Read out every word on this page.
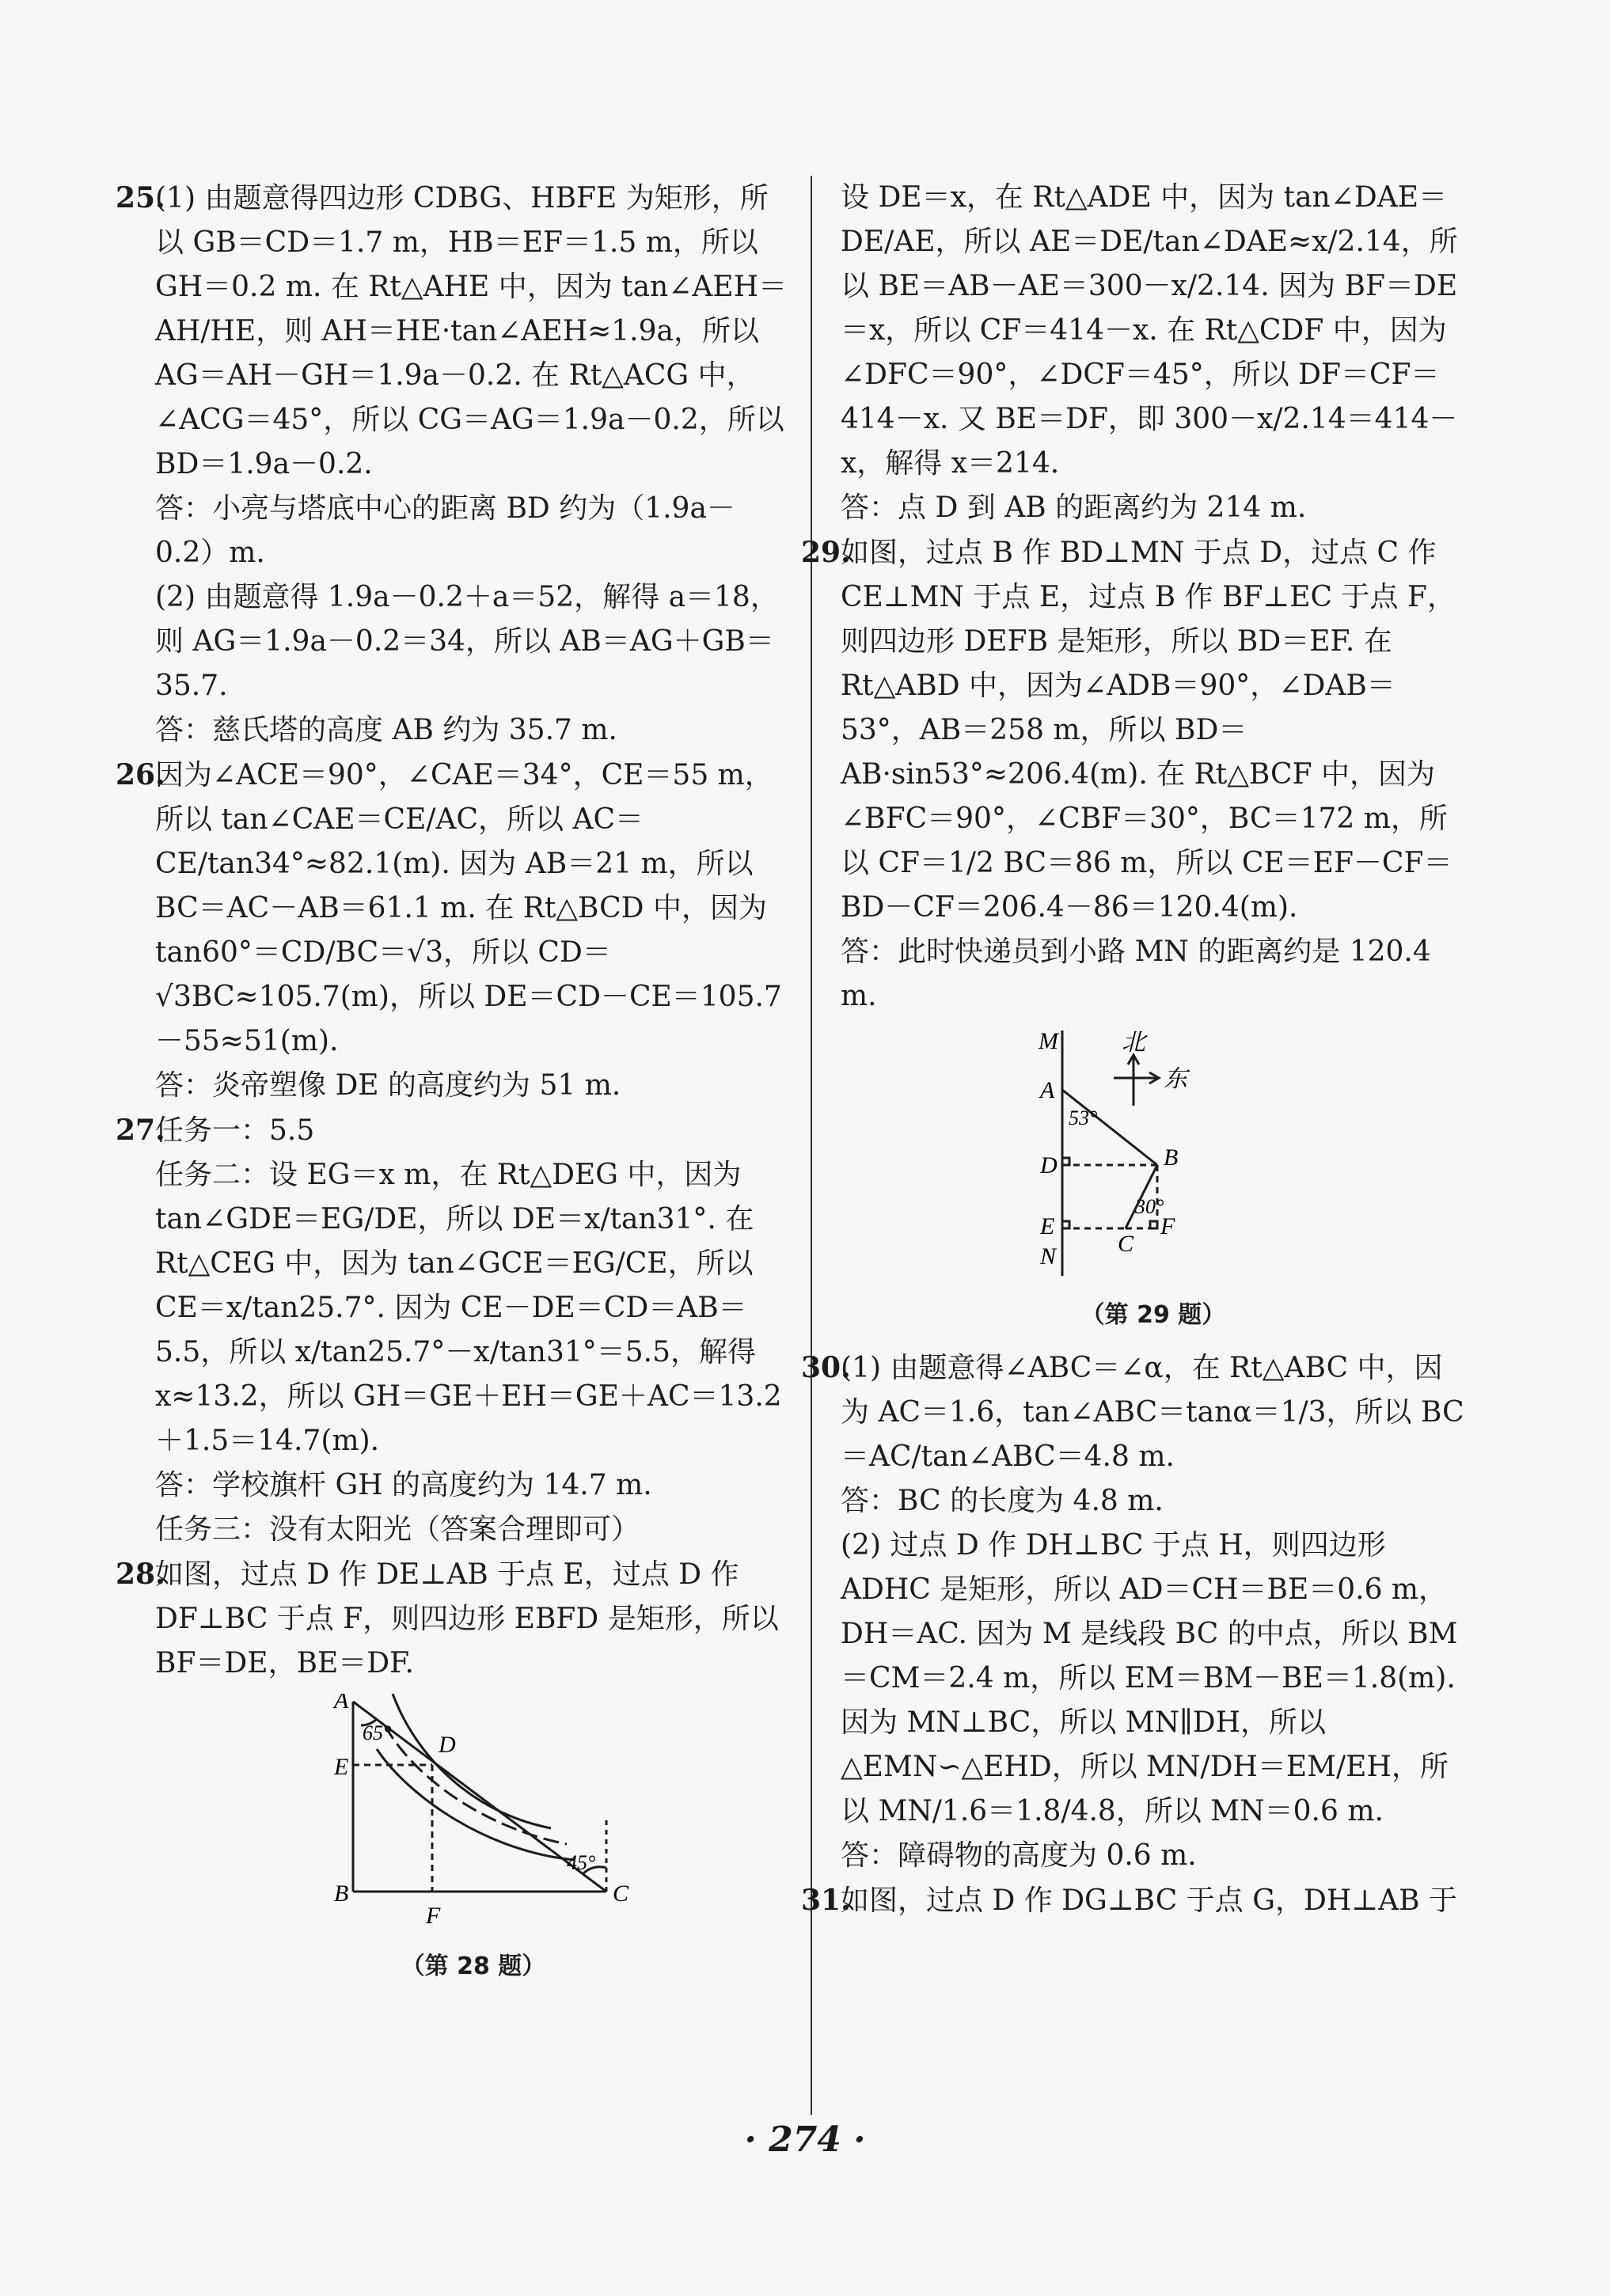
25.(1) 由题意得四边形 CDBG、HBFE 为矩形，所以 GB＝CD＝1.7 m，HB＝EF＝1.5 m，所以 GH＝0.2 m. 在 Rt△AHE 中，因为 tan∠AEH＝AH/HE，则 AH＝HE·tan∠AEH≈1.9a，所以 AG＝AH－GH＝1.9a－0.2. 在 Rt△ACG 中，∠ACG＝45°，所以 CG＝AG＝1.9a－0.2，所以 BD＝1.9a－0.2.
答：小亮与塔底中心的距离 BD 约为（1.9a－0.2）m.
(2) 由题意得 1.9a－0.2＋a＝52，解得 a＝18，则 AG＝1.9a－0.2＝34，所以 AB＝AG＋GB＝35.7.
答：慈氏塔的高度 AB 约为 35.7 m.
26.因为∠ACE＝90°，∠CAE＝34°，CE＝55 m，所以 tan∠CAE＝CE/AC，所以 AC＝CE/tan34°≈82.1(m). 因为 AB＝21 m，所以 BC＝AC－AB＝61.1 m. 在 Rt△BCD 中，因为 tan60°＝CD/BC＝√3，所以 CD＝√3BC≈105.7(m)，所以 DE＝CD－CE＝105.7－55≈51(m).
答：炎帝塑像 DE 的高度约为 51 m.
27.任务一：5.5
任务二：设 EG＝x m，在 Rt△DEG 中，因为 tan∠GDE＝EG/DE，所以 DE＝x/tan31°. 在 Rt△CEG 中，因为 tan∠GCE＝EG/CE，所以 CE＝x/tan25.7°. 因为 CE－DE＝CD＝AB＝5.5，所以 x/tan25.7°－x/tan31°＝5.5，解得 x≈13.2，所以 GH＝GE＋EH＝GE＋AC＝13.2＋1.5＝14.7(m).
答：学校旗杆 GH 的高度约为 14.7 m.
任务三：没有太阳光（答案合理即可）
28.如图，过点 D 作 DE⊥AB 于点 E，过点 D 作 DF⊥BC 于点 F，则四边形 EBFD 是矩形，所以 BF＝DE，BE＝DF.
A
65°
E
D
B
F
C
45°
（第 28 题）
设 DE＝x，在 Rt△ADE 中，因为 tan∠DAE＝DE/AE，所以 AE＝DE/tan∠DAE≈x/2.14，所以 BE＝AB－AE＝300－x/2.14. 因为 BF＝DE＝x，所以 CF＝414－x. 在 Rt△CDF 中，因为∠DFC＝90°，∠DCF＝45°，所以 DF＝CF＝414－x. 又 BE＝DF，即 300－x/2.14＝414－x，解得 x＝214.
答：点 D 到 AB 的距离约为 214 m.
29.如图，过点 B 作 BD⊥MN 于点 D，过点 C 作 CE⊥MN 于点 E，过点 B 作 BF⊥EC 于点 F，则四边形 DEFB 是矩形，所以 BD＝EF. 在 Rt△ABD 中，因为∠ADB＝90°，∠DAB＝53°，AB＝258 m，所以 BD＝AB·sin53°≈206.4(m). 在 Rt△BCF 中，因为∠BFC＝90°，∠CBF＝30°，BC＝172 m，所以 CF＝1/2 BC＝86 m，所以 CE＝EF－CF＝BD－CF＝206.4－86＝120.4(m).
答：此时快递员到小路 MN 的距离约是 120.4 m.
M	北
东
A
53°
D	B
30°
E	F
C
N
（第 29 题）
30.(1) 由题意得∠ABC＝∠α，在 Rt△ABC 中，因为 AC＝1.6，tan∠ABC＝tanα＝1/3，所以 BC＝AC/tan∠ABC＝4.8 m.
答：BC 的长度为 4.8 m.
(2) 过点 D 作 DH⊥BC 于点 H，则四边形 ADHC 是矩形，所以 AD＝CH＝BE＝0.6 m，DH＝AC. 因为 M 是线段 BC 的中点，所以 BM＝CM＝2.4 m，所以 EM＝BM－BE＝1.8(m). 因为 MN⊥BC，所以 MN∥DH，所以△EMN∽△EHD，所以 MN/DH＝EM/EH，所以 MN/1.6＝1.8/4.8，所以 MN＝0.6 m.
答：障碍物的高度为 0.6 m.
31.如图，过点 D 作 DG⊥BC 于点 G，DH⊥AB 于
· 274 ·
